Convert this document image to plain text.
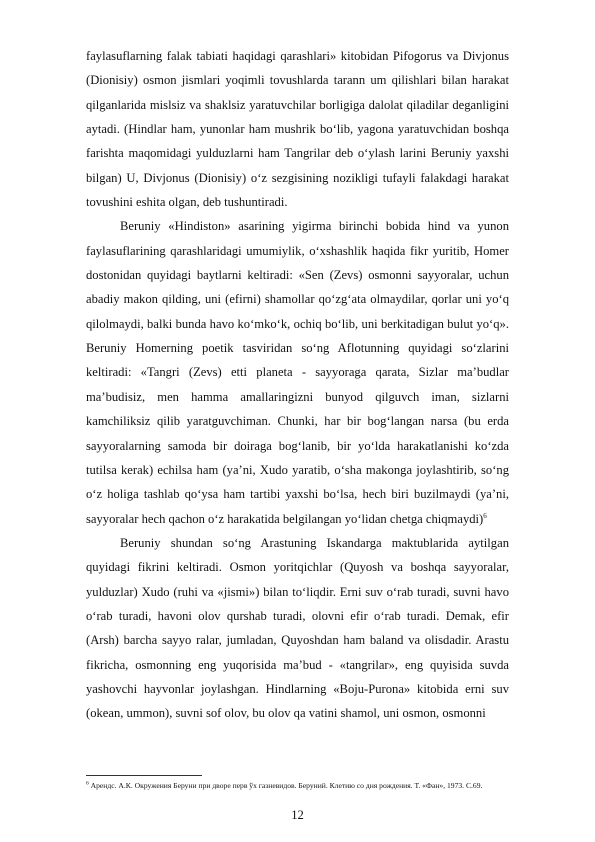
faylasuflarning falak tabiati haqidagi qarashlari» kitobidan Pifogorus va Divjonus (Dionisiy) osmon jismlari yoqimli tovushlarda tarann um qilishlari bilan harakat qilganlarida mislsiz va shaklsiz yaratuvchilar borligiga dalolat qiladilar deganligini aytadi. (Hindlar ham, yunonlar ham mushrik bo‘lib, yagona yaratuvchidan boshqa farishta maqomidagi yulduzlarni ham Tangrilar deb o‘ylash larini Beruniy yaxshi bilgan) U, Divjonus (Dionisiy) o‘z sezgisining nozikligi tufayli falakdagi harakat tovushini eshita olgan, deb tushuntiradi.

Beruniy «Hindiston» asarining yigirma birinchi bobida hind va yunon faylasuflarining qarashlaridagi umumiylik, o‘xshashlik haqida fikr yuritib, Homer dostonidan quyidagi baytlarni keltiradi: «Sen (Zevs) osmonni sayyoralar, uchun abadiy makon qilding, uni (efirni) shamollar qo‘zg‘ata olmaydilar, qorlar uni yo‘q qilolmaydi, balki bunda havo ko‘mko‘k, ochiq bo‘lib, uni berkitadigan bulut yo‘q». Beruniy Homerning poetik tasviridan so‘ng Aflotunning quyidagi so‘zlarini keltiradi: «Tangri (Zevs) etti planeta - sayyoraga qarata, Sizlar ma’budlar ma’budisiz, men hamma amallaringizni bunyod qilguvch iman, sizlarni kamchiliksiz qilib yaratguvchiman. Chunki, har bir bog‘langan narsa (bu erda sayyoralarning samoda bir doiraga bog‘lanib, bir yo‘lda harakatlanishi ko‘zda tutilsa kerak) echilsa ham (ya’ni, Xudo yaratib, o‘sha makonga joylashtirib, so‘ng o‘z holiga tashlab qo‘ysa ham tartibi yaxshi bo‘lsa, hech biri buzilmaydi (ya’ni, sayyoralar hech qachon o‘z harakatida belgilangan yo‘lidan chetga chiqmaydi)$^6$

Beruniy shundan so‘ng Arastuning Iskandarga maktublarida aytilgan quyidagi fikrini keltiradi. Osmon yoritqichlar (Quyosh va boshqa sayyoralar, yulduzlar) Xudo (ruhi va «jismi») bilan to‘liqdir. Erni suv o‘rab turadi, suvni havo o‘rab turadi, havoni olov qurshab turadi, olovni efir o‘rab turadi. Demak, efir (Arsh) barcha sayyo ralar, jumladan, Quyoshdan ham baland va olisdadir. Arastu fikricha, osmonning eng yuqorisida ma’bud - «tangrilar», eng quyisida suvda yashovchi hayvonlar joylashgan. Hindlarning «Boju-Purona» kitobida erni suv (okean, ummon), suvni sof olov, bu olov qa vatini shamol, uni osmon, osmonni

$^6$ Арендс. А.К. Окружения Беруни при дворе перв ўх газневидов. Беруний. Клетию со дня рождения. Т. «Фан», 1973. С.69.
12
